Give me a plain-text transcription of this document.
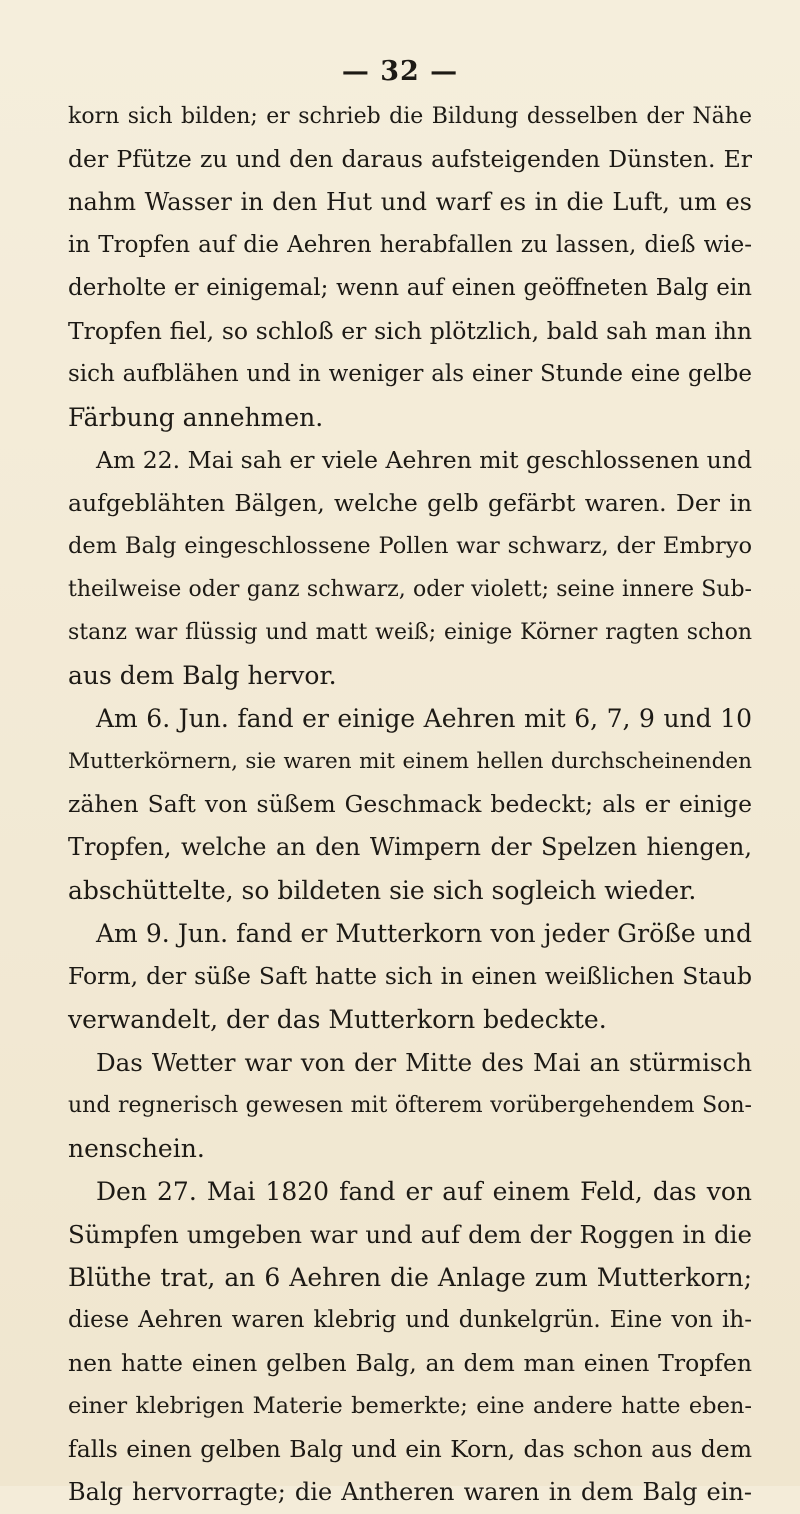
— 32 —
korn sich bilden; er schrieb die Bildung desselben der Nähe
der Pfütze zu und den daraus aufsteigenden Dünsten. Er
nahm Wasser in den Hut und warf es in die Luft, um es
in Tropfen auf die Aehren herabfallen zu lassen, dieß wie-
derholte er einigemal; wenn auf einen geöffneten Balg ein
Tropfen fiel, so schloß er sich plötzlich, bald sah man ihn
sich aufblähen und in weniger als einer Stunde eine gelbe
Färbung annehmen.
Am 22. Mai sah er viele Aehren mit geschlossenen und
aufgeblähten Bälgen, welche gelb gefärbt waren. Der in
dem Balg eingeschlossene Pollen war schwarz, der Embryo
theilweise oder ganz schwarz, oder violett; seine innere Sub-
stanz war flüssig und matt weiß; einige Körner ragten schon
aus dem Balg hervor.
Am 6. Jun. fand er einige Aehren mit 6, 7, 9 und 10
Mutterkörnern, sie waren mit einem hellen durchscheinenden
zähen Saft von süßem Geschmack bedeckt; als er einige
Tropfen, welche an den Wimpern der Spelzen hiengen,
abschüttelte, so bildeten sie sich sogleich wieder.
Am 9. Jun. fand er Mutterkorn von jeder Größe und
Form, der süße Saft hatte sich in einen weißlichen Staub
verwandelt, der das Mutterkorn bedeckte.
Das Wetter war von der Mitte des Mai an stürmisch
und regnerisch gewesen mit öfterem vorübergehendem Son-
nenschein.
Den 27. Mai 1820 fand er auf einem Feld, das von
Sümpfen umgeben war und auf dem der Roggen in die
Blüthe trat, an 6 Aehren die Anlage zum Mutterkorn;
diese Aehren waren klebrig und dunkelgrün. Eine von ih-
nen hatte einen gelben Balg, an dem man einen Tropfen
einer klebrigen Materie bemerkte; eine andere hatte eben-
falls einen gelben Balg und ein Korn, das schon aus dem
Balg hervorragte; die Antheren waren in dem Balg ein-
